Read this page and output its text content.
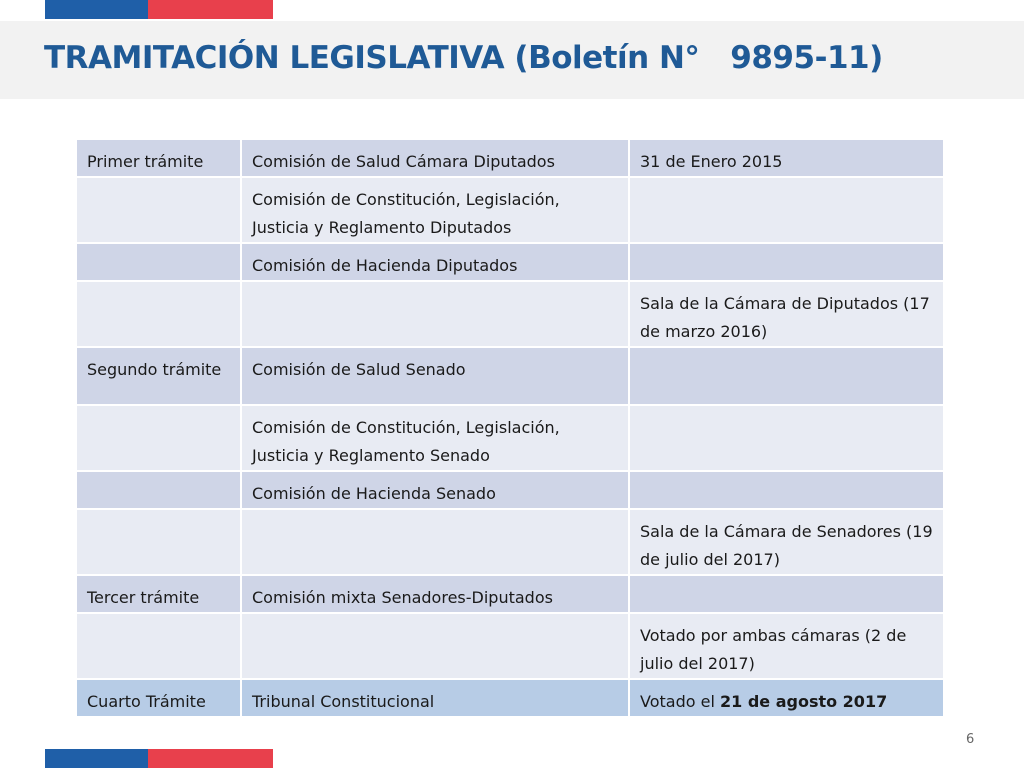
TRAMITACIÓN LEGISLATIVA (Boletín N°   9895-11)
Primer trámite	Comisión de Salud Cámara Diputados	31 de Enero 2015
	Comisión de Constitución, Legislación, Justicia y Reglamento Diputados	
	Comisión de Hacienda Diputados	
		Sala de la Cámara de Diputados (17 de marzo 2016)
Segundo trámite	Comisión de Salud Senado	
	Comisión de Constitución, Legislación, Justicia y Reglamento Senado	
	Comisión de Hacienda Senado	
		Sala de la Cámara de Senadores (19 de julio del 2017)
Tercer trámite	Comisión mixta Senadores-Diputados	
		Votado por ambas cámaras (2 de julio del 2017)
Cuarto Trámite	Tribunal Constitucional	Votado el 21 de agosto 2017
6
